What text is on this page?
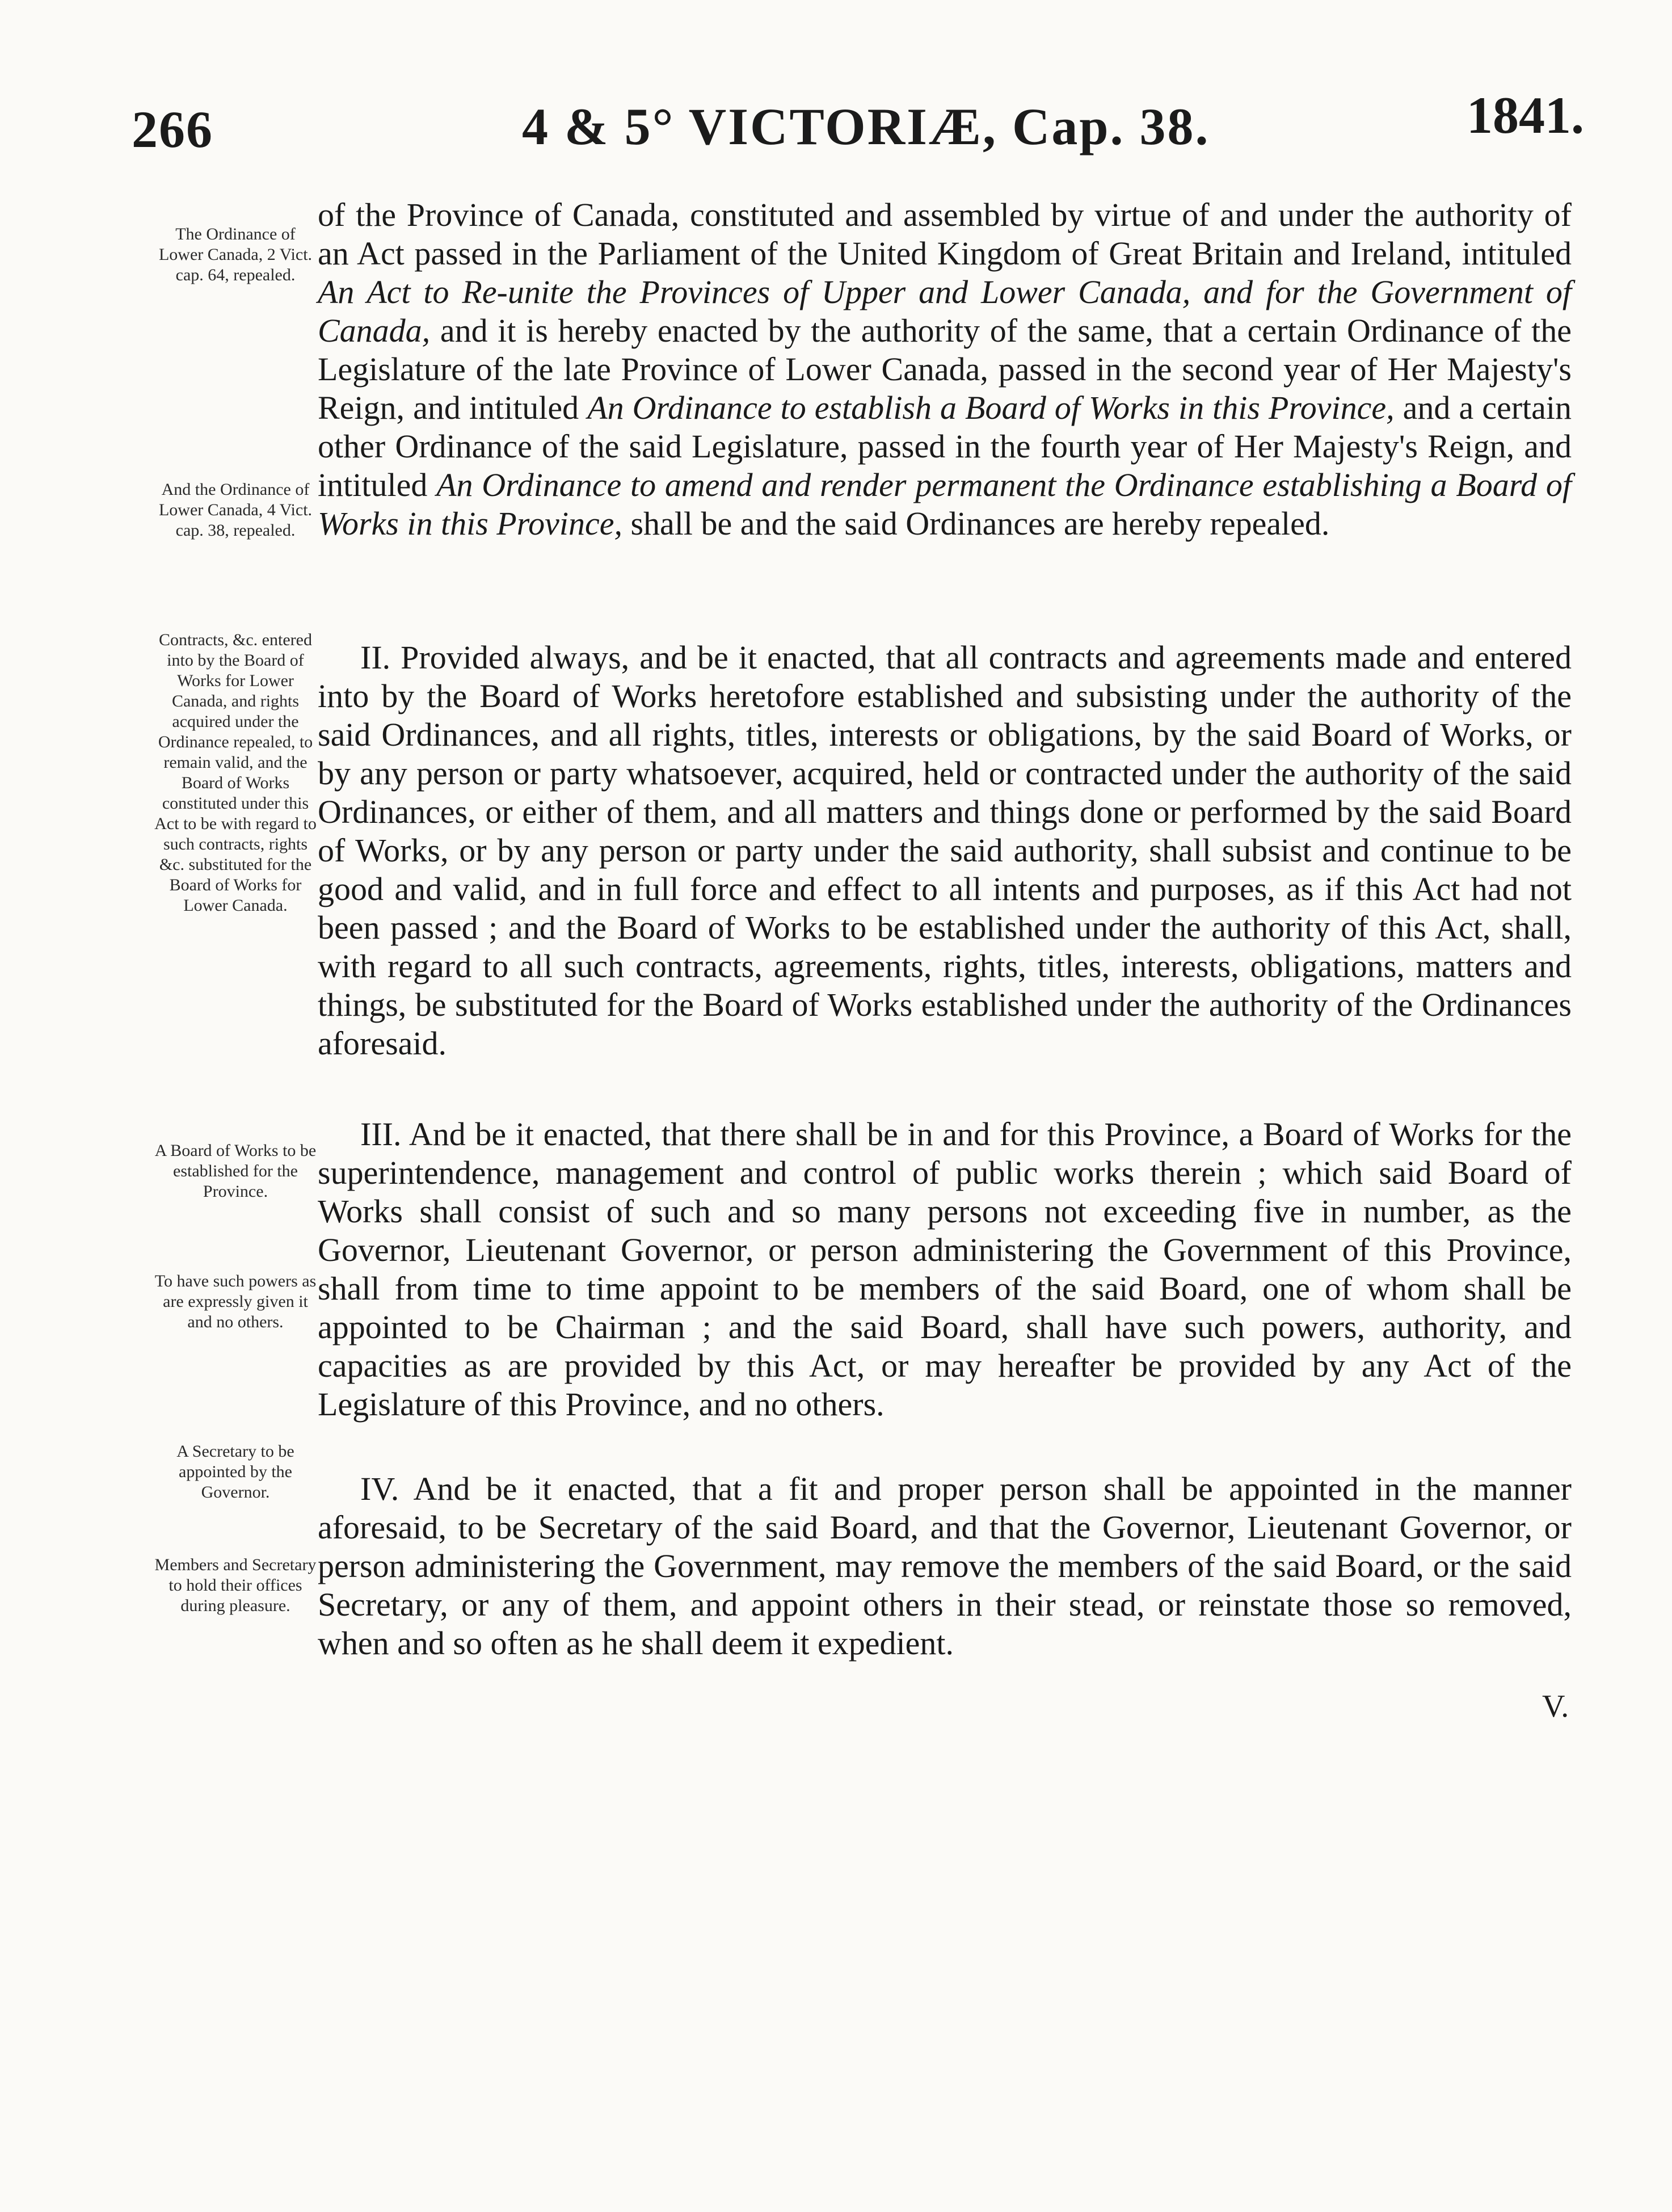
266	4 & 5° VICTORIÆ, Cap. 38.	1841.
The Ordinance of Lower Canada, 2 Vict. cap. 64, repealed.
And the Ordinance of Lower Canada, 4 Vict. cap. 38, repealed.
Contracts, &c. entered into by the Board of Works for Lower Canada, and rights acquired under the Ordinance repealed, to remain valid, and the Board of Works constituted under this Act to be with regard to such contracts, rights &c. substituted for the Board of Works for Lower Canada.
A Board of Works to be established for the Province.
To have such powers as are expressly given it and no others.
A Secretary to be appointed by the Governor.
Members and Secretary to hold their offices during pleasure.

of the Province of Canada, constituted and assembled by virtue of and under the authority of an Act passed in the Parliament of the United Kingdom of Great Britain and Ireland, intituled An Act to Re-unite the Provinces of Upper and Lower Canada, and for the Government of Canada, and it is hereby enacted by the authority of the same, that a certain Ordinance of the Legislature of the late Province of Lower Canada, passed in the second year of Her Majesty's Reign, and intituled An Ordinance to establish a Board of Works in this Province, and a certain other Ordinance of the said Legislature, passed in the fourth year of Her Majesty's Reign, and intituled An Ordinance to amend and render permanent the Ordinance establishing a Board of Works in this Province, shall be and the said Ordinances are hereby repealed.

II. Provided always, and be it enacted, that all contracts and agreements made and entered into by the Board of Works heretofore established and subsisting under the authority of the said Ordinances, and all rights, titles, interests or obligations, by the said Board of Works, or by any person or party whatsoever, acquired, held or contracted under the authority of the said Ordinances, or either of them, and all matters and things done or performed by the said Board of Works, or by any person or party under the said authority, shall subsist and continue to be good and valid, and in full force and effect to all intents and purposes, as if this Act had not been passed ; and the Board of Works to be established under the authority of this Act, shall, with regard to all such contracts, agreements, rights, titles, interests, obligations, matters and things, be substituted for the Board of Works established under the authority of the Ordinances aforesaid.

III. And be it enacted, that there shall be in and for this Province, a Board of Works for the superintendence, management and control of public works therein ; which said Board of Works shall consist of such and so many persons not exceeding five in number, as the Governor, Lieutenant Governor, or person administering the Government of this Province, shall from time to time appoint to be members of the said Board, one of whom shall be appointed to be Chairman ; and the said Board, shall have such powers, authority, and capacities as are provided by this Act, or may hereafter be provided by any Act of the Legislature of this Province, and no others.

IV. And be it enacted, that a fit and proper person shall be appointed in the manner aforesaid, to be Secretary of the said Board, and that the Governor, Lieutenant Governor, or person administering the Government, may remove the members of the said Board, or the said Secretary, or any of them, and appoint others in their stead, or reinstate those so removed, when and so often as he shall deem it expedient.

V.
